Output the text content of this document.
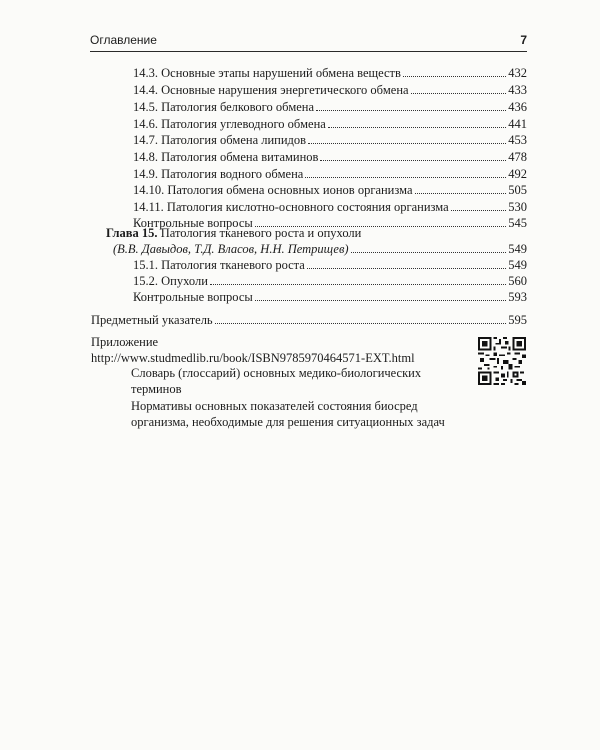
Оглавление	7
14.3. Основные этапы нарушений обмена веществ	432
14.4. Основные нарушения энергетического обмена	433
14.5. Патология белкового обмена	436
14.6. Патология углеводного обмена	441
14.7. Патология обмена липидов	453
14.8. Патология обмена витаминов	478
14.9. Патология водного обмена	492
14.10. Патология обмена основных ионов организма	505
14.11. Патология кислотно-основного состояния организма	530
Контрольные вопросы	545
Глава 15. Патология тканевого роста и опухоли
(В.В. Давыдов, Т.Д. Власов, Н.Н. Петрищев)	549
15.1. Патология тканевого роста	549
15.2. Опухоли	560
Контрольные вопросы	593
Предметный указатель	595
Приложение
http://www.studmedlib.ru/book/ISBN9785970464571-EXT.html
Словарь (глоссарий) основных медико-биологических
терминов
Нормативы основных показателей состояния биосред
организма, необходимые для решения ситуационных задач
